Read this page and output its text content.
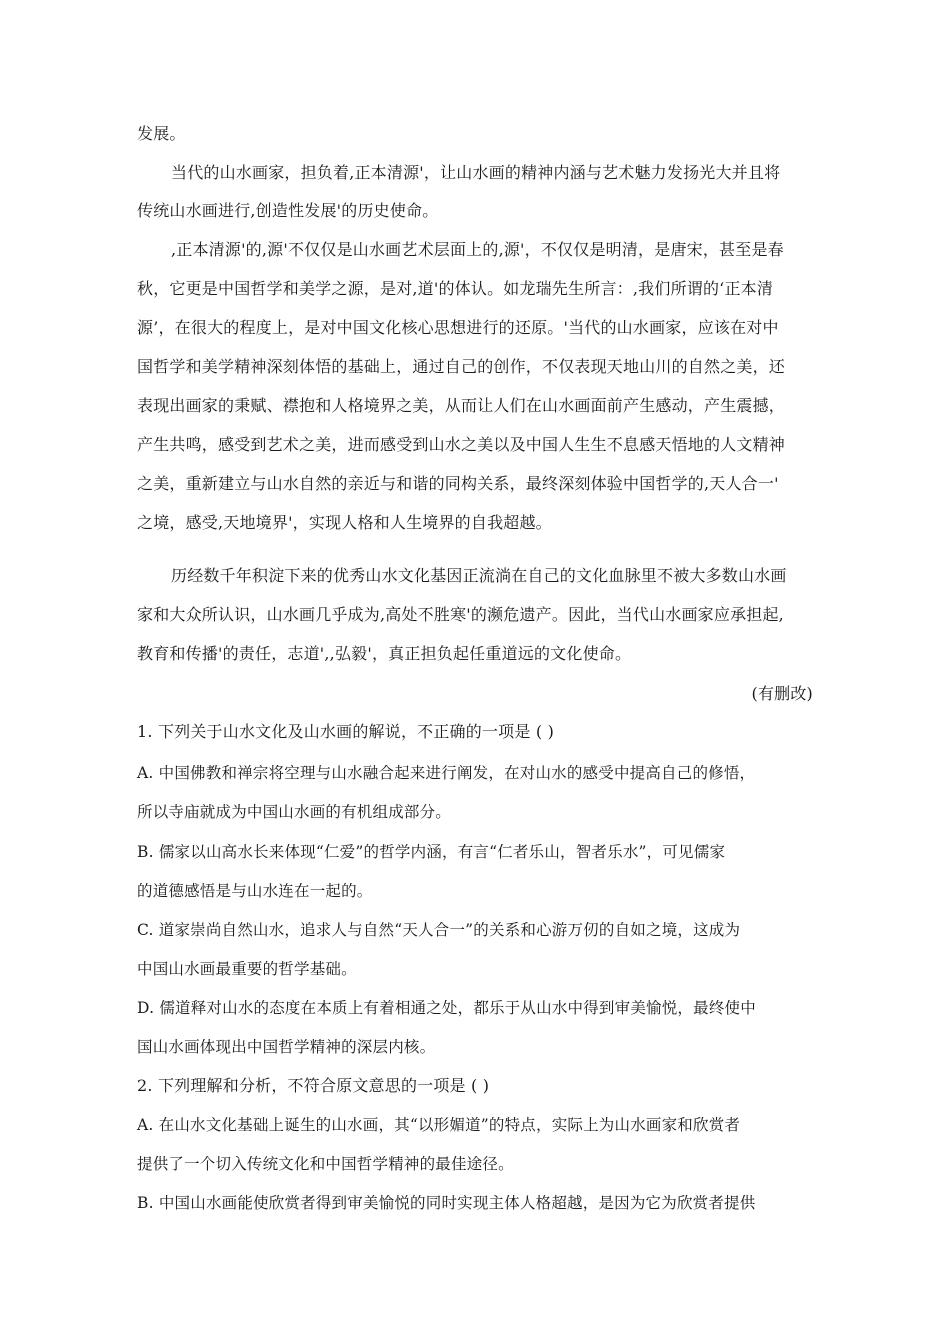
发展。
当代的山水画家，担负着,正本清源'，让山水画的精神内涵与艺术魅力发扬光大并且将
传统山水画进行,创造性发展'的历史使命。
,正本清源'的,源'不仅仅是山水画艺术层面上的,源'，不仅仅是明清，是唐宋，甚至是春
秋，它更是中国哲学和美学之源，是对,道'的体认。如龙瑞先生所言：,我们所谓的‘正本清
源’，在很大的程度上，是对中国文化核心思想进行的还原。'当代的山水画家，应该在对中
国哲学和美学精神深刻体悟的基础上，通过自己的创作，不仅表现天地山川的自然之美，还
表现出画家的秉赋、襟抱和人格境界之美，从而让人们在山水画面前产生感动，产生震撼，
产生共鸣，感受到艺术之美，进而感受到山水之美以及中国人生生不息感天悟地的人文精神
之美，重新建立与山水自然的亲近与和谐的同构关系，最终深刻体验中国哲学的,天人合一'
之境，感受,天地境界'，实现人格和人生境界的自我超越。
历经数千年积淀下来的优秀山水文化基因正流淌在自己的文化血脉里不被大多数山水画
家和大众所认识，山水画几乎成为,高处不胜寒'的濒危遗产。因此，当代山水画家应承担起,
教育和传播'的责任，志道',,弘毅'，真正担负起任重道远的文化使命。
(有删改)
1. 下列关于山水文化及山水画的解说，不正确的一项是 ( )
A. 中国佛教和禅宗将空理与山水融合起来进行阐发，在对山水的感受中提高自己的修悟，
所以寺庙就成为中国山水画的有机组成部分。
B. 儒家以山高水长来体现“仁爱”的哲学内涵，有言“仁者乐山，智者乐水”，可见儒家
的道德感悟是与山水连在一起的。
C. 道家崇尚自然山水，追求人与自然“天人合一”的关系和心游万仞的自如之境，这成为
中国山水画最重要的哲学基础。
D. 儒道释对山水的态度在本质上有着相通之处，都乐于从山水中得到审美愉悦，最终使中
国山水画体现出中国哲学精神的深层内核。
2. 下列理解和分析，不符合原文意思的一项是 ( )
A. 在山水文化基础上诞生的山水画，其“以形媚道”的特点，实际上为山水画家和欣赏者
提供了一个切入传统文化和中国哲学精神的最佳途径。
B. 中国山水画能使欣赏者得到审美愉悦的同时实现主体人格超越，是因为它为欣赏者提供
